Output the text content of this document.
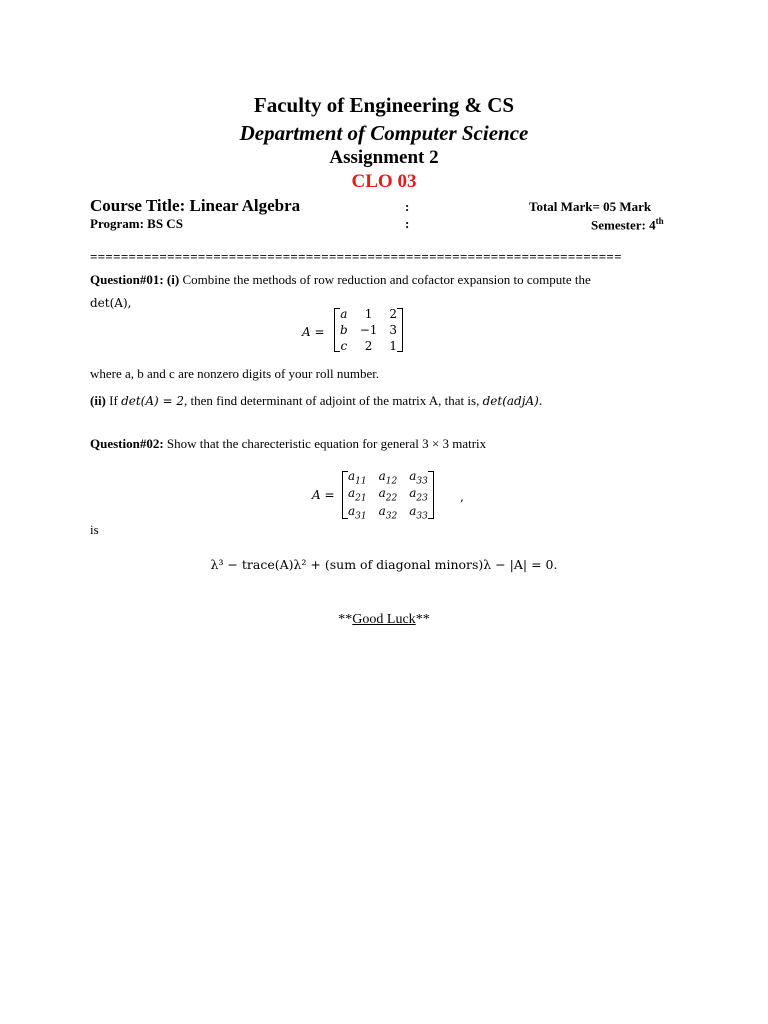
Faculty of Engineering & CS
Department of Computer Science
Assignment 2
CLO 03
Course Title: Linear Algebra	:	Total Mark= 05 Mark
Program: BS CS	:	Semester: 4th
=====================================================================
Question#01: (i) Combine the methods of row reduction and cofactor expansion to compute the
det(A),
A =
a	1	2
b	−1	3
c	2	1
where a, b and c are nonzero digits of your roll number.
(ii) If det(A) = 2, then find determinant of adjoint of the matrix A, that is, det(adjA).
Question#02: Show that the charecteristic equation for general 3 × 3 matrix
A =
$a_{11}$	$a_{12}$	$a_{33}$
$a_{21}$	$a_{22}$	$a_{23}$
$a_{31}$	$a_{32}$	$a_{33}$
,
is
λ³ − trace(A)λ² + (sum of diagonal minors)λ − |A| = 0.
**Good Luck**
